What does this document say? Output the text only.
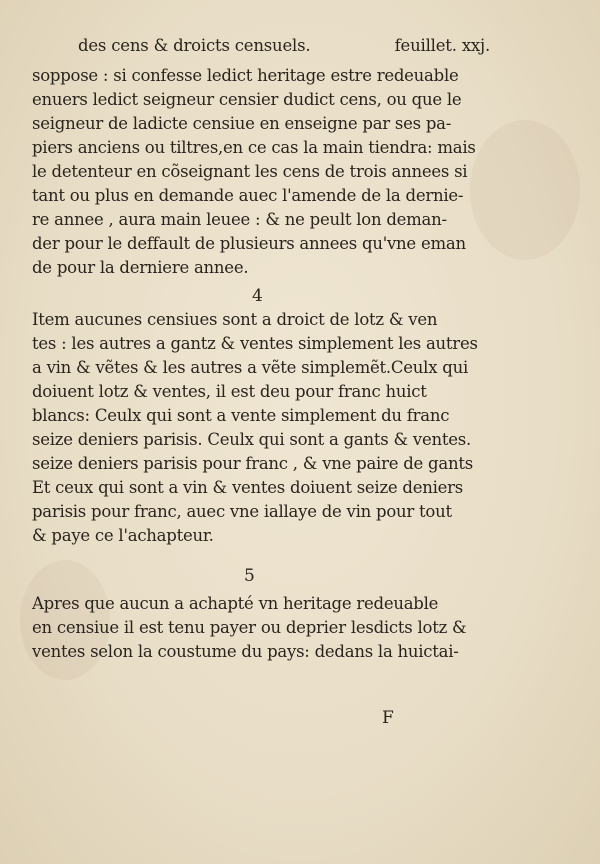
des cens & droicts censuels.	feuillet. xxj.
soppose : si confesse ledict heritage estre redeuable
enuers ledict seigneur censier dudict cens, ou que le
seigneur de ladicte censiue en enseigne par ses pa-
piers anciens ou tiltres,en ce cas la main tiendra: mais
le detenteur en cõseignant les cens de trois annees si
tant ou plus en demande auec l'amende de la dernie-
re annee , aura main leuee : & ne peult lon deman-
der pour le deffault de plusieurs annees qu'vne eman
de pour la derniere annee.
4
Item aucunes censiues sont a droict de lotz & ven
tes : les autres a gantz & ventes simplement les autres
a vin & vẽtes & les autres a vẽte simplemẽt.Ceulx qui
doiuent lotz & ventes, il est deu pour franc huict
blancs: Ceulx qui sont a vente simplement du franc
seize deniers parisis. Ceulx qui sont a gants & ventes.
seize deniers parisis pour franc , & vne paire de gants
Et ceux qui sont a vin & ventes doiuent seize deniers
parisis pour franc, auec vne iallaye de vin pour tout
& paye ce l'achapteur.
5
Apres que aucun a achapté vn heritage redeuable
en censiue il est tenu payer ou deprier lesdicts lotz &
ventes selon la coustume du pays: dedans la huictai-
F
